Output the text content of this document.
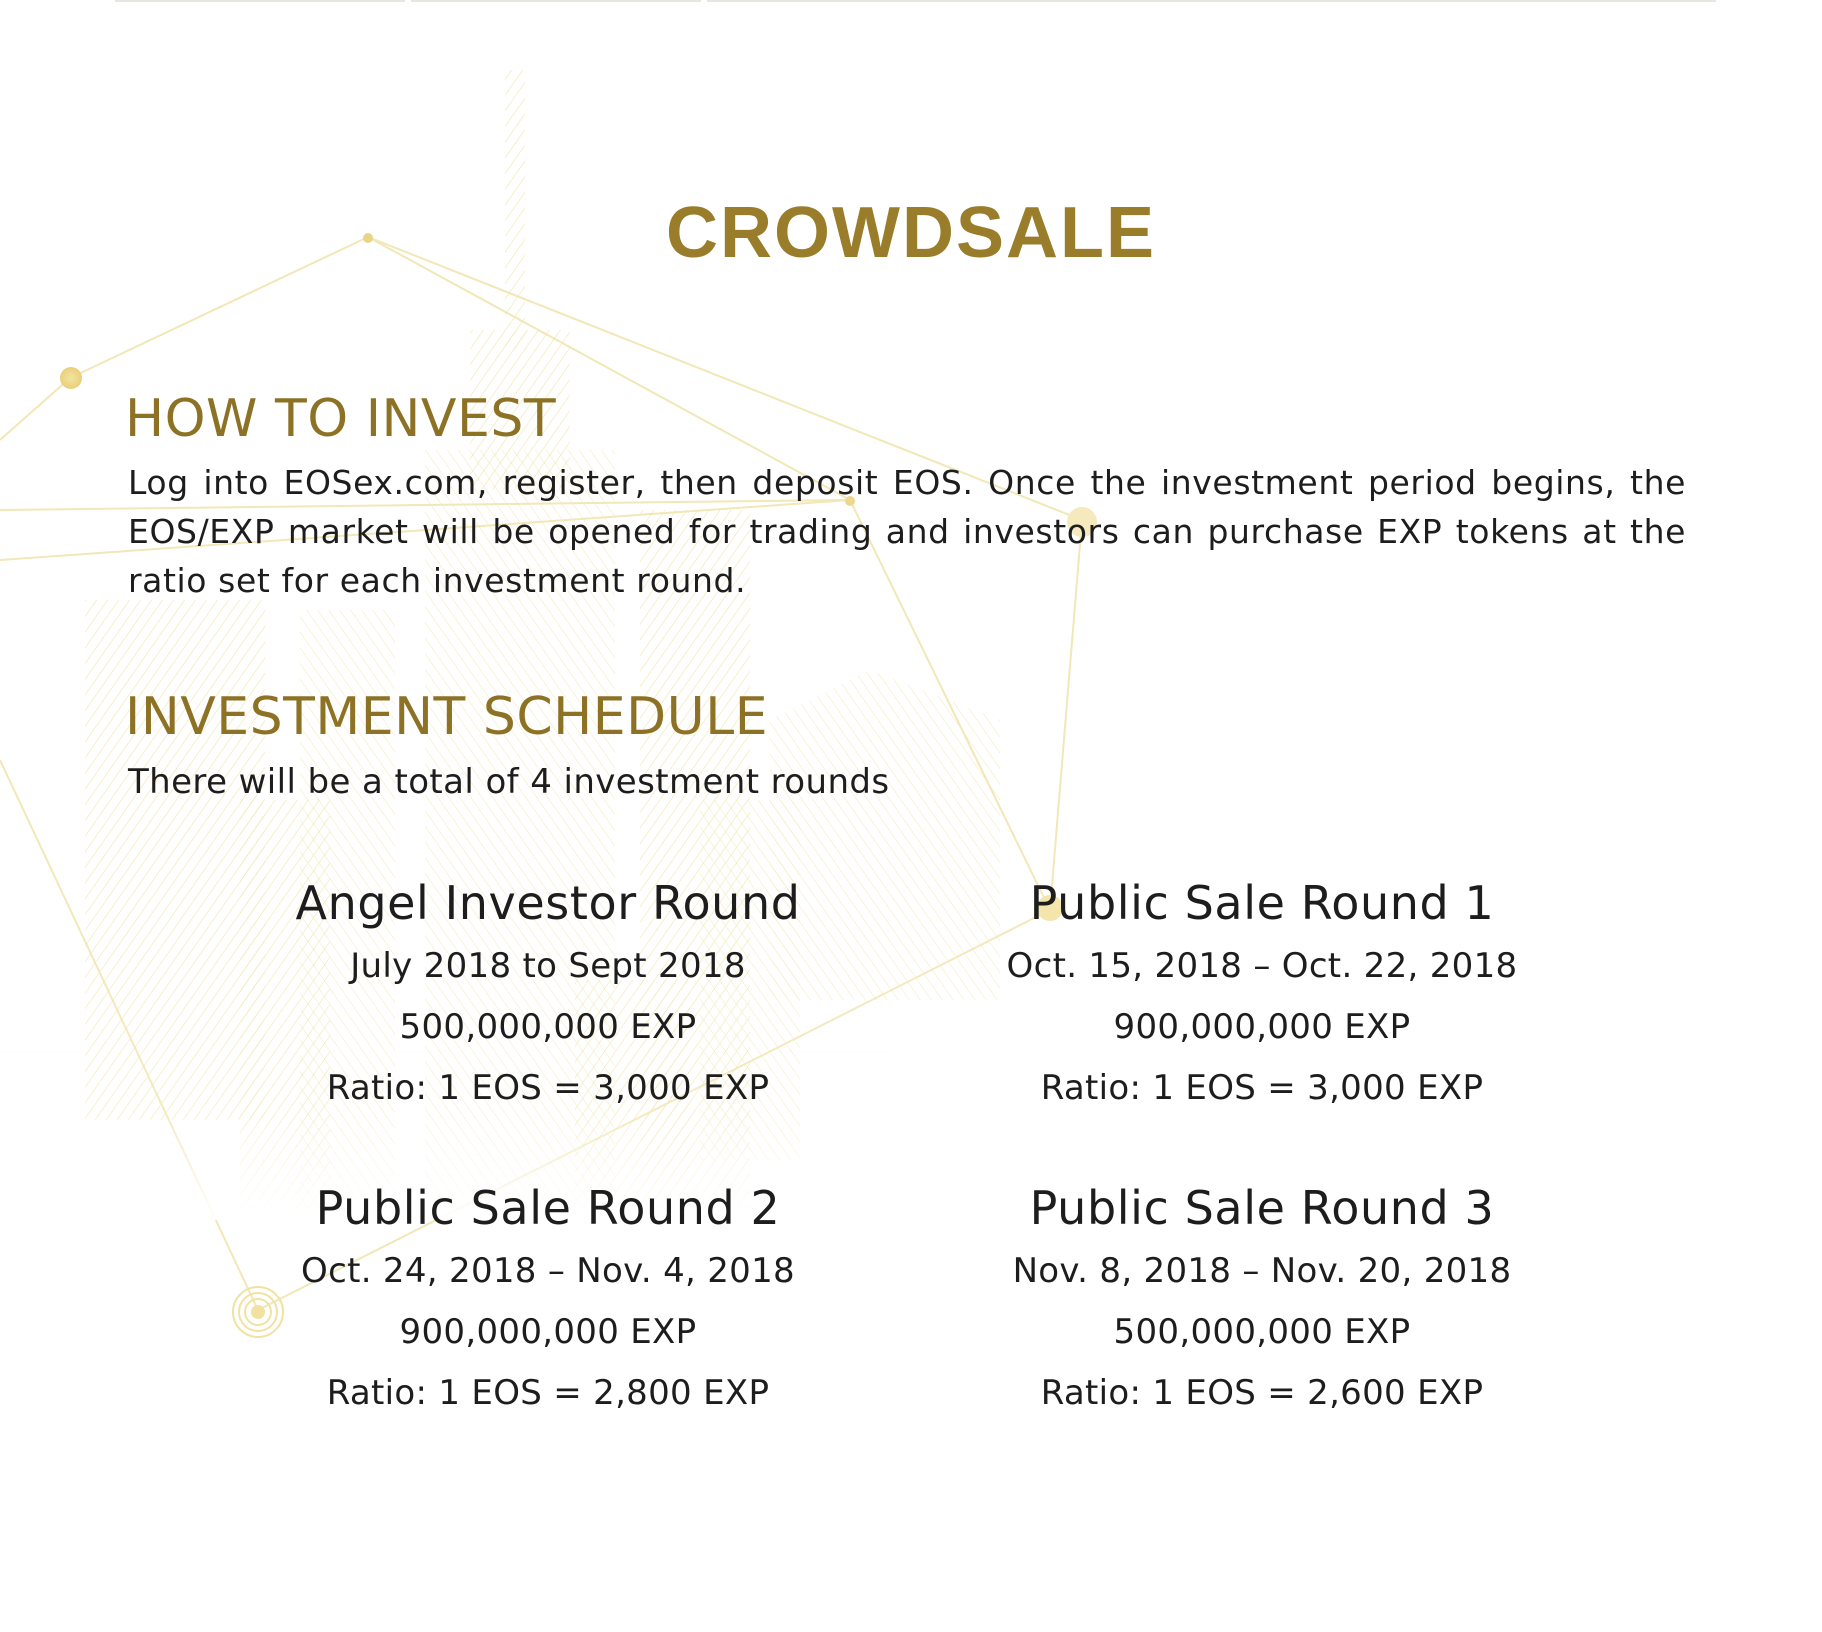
CROWDSALE
HOW TO INVEST

Log into EOSex.com, register, then deposit EOS. Once the investment period begins, the EOS/EXP market will be opened for trading and investors can purchase EXP tokens at the ratio set for each investment round.

INVESTMENT SCHEDULE

There will be a total of 4 investment rounds

Angel Investor Round

July 2018 to Sept 2018

500,000,000 EXP

Ratio: 1 EOS = 3,000 EXP

Public Sale Round 1

Oct. 15, 2018 – Oct. 22, 2018

900,000,000 EXP

Ratio: 1 EOS = 3,000 EXP

Public Sale Round 2

Oct. 24, 2018 – Nov. 4, 2018

900,000,000 EXP

Ratio: 1 EOS = 2,800 EXP

Public Sale Round 3

Nov. 8, 2018 – Nov. 20, 2018

500,000,000 EXP

Ratio: 1 EOS = 2,600 EXP
